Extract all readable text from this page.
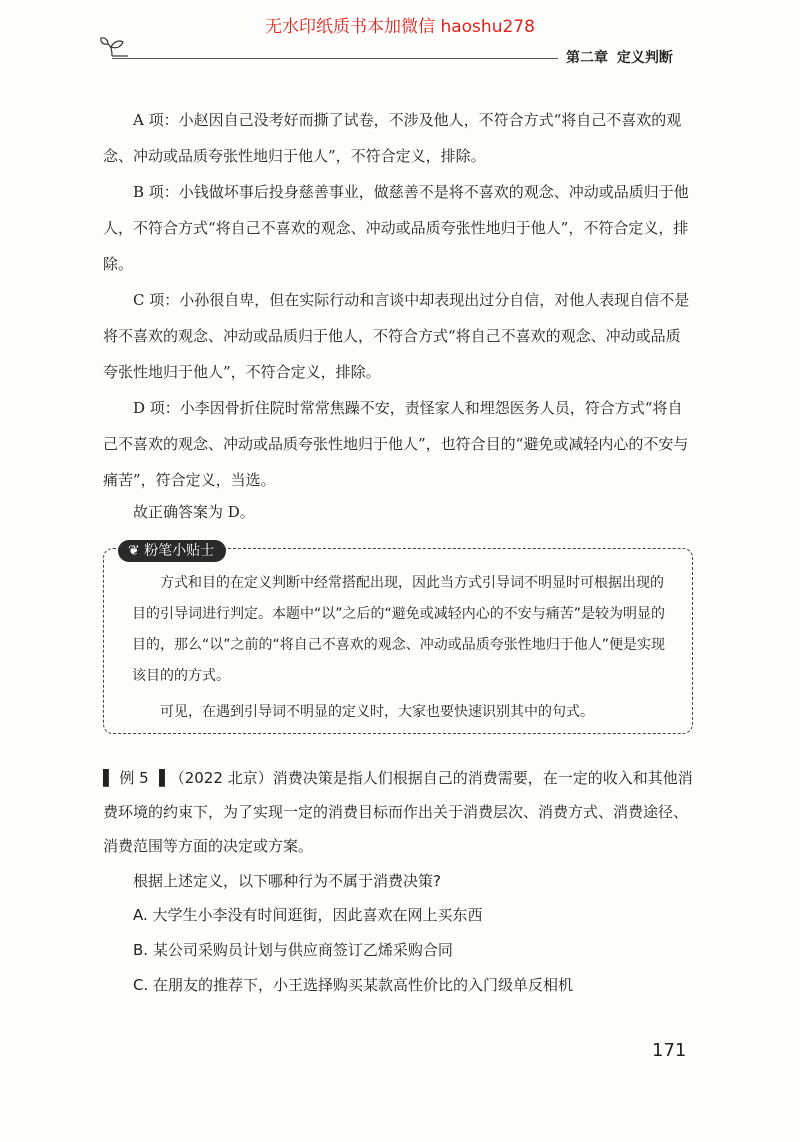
无水印纸质书本加微信 haoshu278
第二章 定义判断

A 项：小赵因自己没考好而撕了试卷，不涉及他人，不符合方式“将自己不喜欢的观念、冲动或品质夸张性地归于他人”，不符合定义，排除。

B 项：小钱做坏事后投身慈善事业，做慈善不是将不喜欢的观念、冲动或品质归于他人，不符合方式“将自己不喜欢的观念、冲动或品质夸张性地归于他人”，不符合定义，排除。

C 项：小孙很自卑，但在实际行动和言谈中却表现出过分自信，对他人表现自信不是将不喜欢的观念、冲动或品质归于他人，不符合方式“将自己不喜欢的观念、冲动或品质夸张性地归于他人”，不符合定义，排除。

D 项：小李因骨折住院时常常焦躁不安，责怪家人和埋怨医务人员，符合方式“将自己不喜欢的观念、冲动或品质夸张性地归于他人”，也符合目的“避免或减轻内心的不安与痛苦”，符合定义，当选。

故正确答案为 D。

❦ 粉笔小贴士

方式和目的在定义判断中经常搭配出现，因此当方式引导词不明显时可根据出现的目的引导词进行判定。本题中“以”之后的“避免或减轻内心的不安与痛苦”是较为明显的目的，那么“以”之前的“将自己不喜欢的观念、冲动或品质夸张性地归于他人”便是实现该目的的方式。

可见，在遇到引导词不明显的定义时，大家也要快速识别其中的句式。

▌ 例 5 ▐ （2022 北京）消费决策是指人们根据自己的消费需要，在一定的收入和其他消费环境的约束下，为了实现一定的消费目标而作出关于消费层次、消费方式、消费途径、消费范围等方面的决定或方案。

根据上述定义，以下哪种行为不属于消费决策?

A. 大学生小李没有时间逛街，因此喜欢在网上买东西

B. 某公司采购员计划与供应商签订乙烯采购合同

C. 在朋友的推荐下，小王选择购买某款高性价比的入门级单反相机

171
